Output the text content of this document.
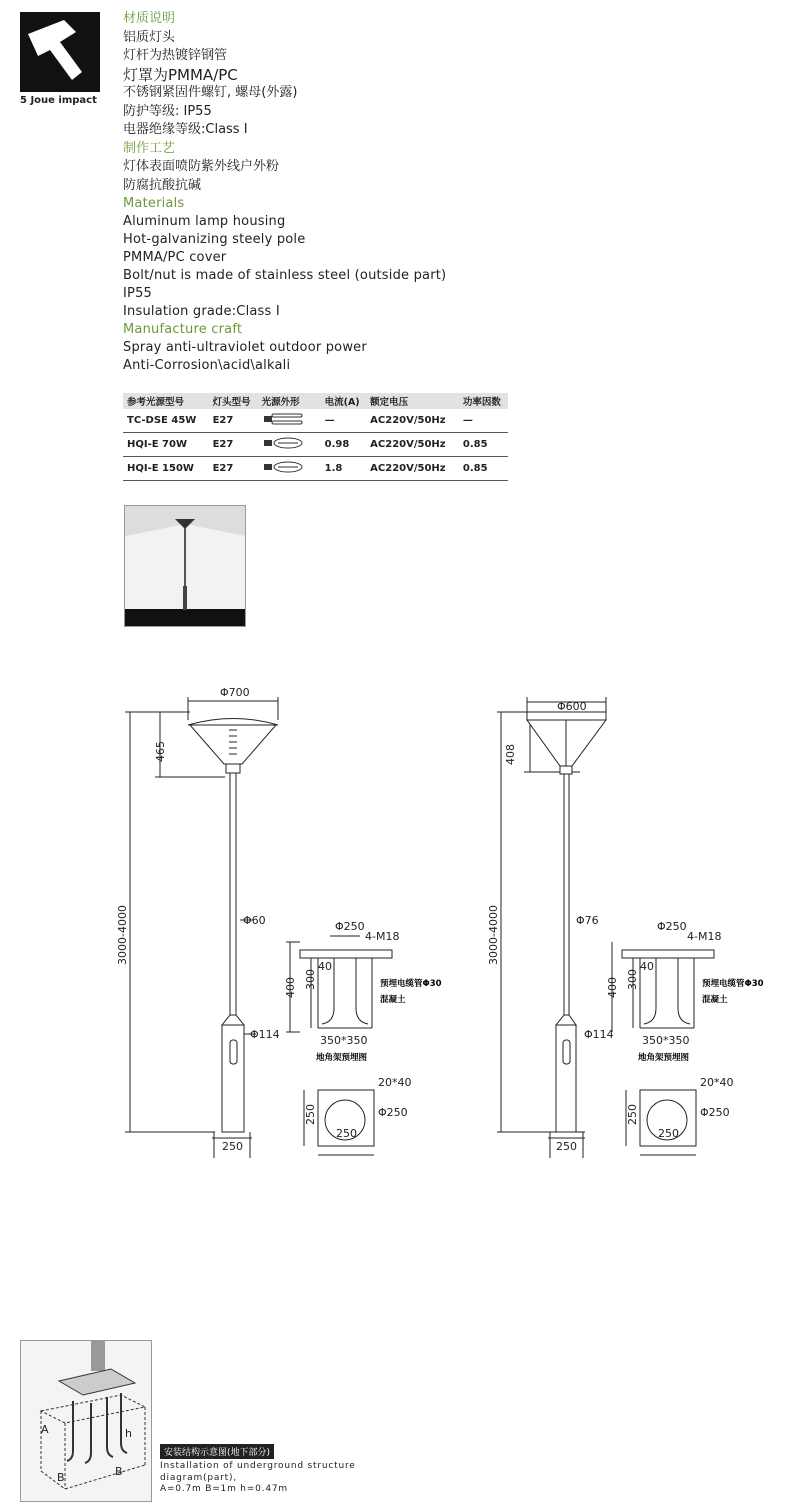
5 Joue impact
材质说明
铝质灯头
灯杆为热镀锌钢管
灯罩为PMMA/PC
不锈钢紧固件螺钉, 螺母(外露)
防护等级: IP55
电器绝缘等级:Class Ⅰ
制作工艺
灯体表面喷防紫外线户外粉
防腐抗酸抗碱
Materials
Aluminum lamp housing
Hot-galvanizing steely pole
PMMA/PC cover
Bolt/nut is made of stainless steel (outside part)
IP55
Insulation grade:Class Ⅰ
Manufacture craft
Spray anti-ultraviolet outdoor power
Anti-Corrosion\acid\alkali
参考光源型号	灯头型号	光源外形	电流(A)	额定电压	功率因数
TC-DSE 45W	E27		—	AC220V/50Hz	—
HQI-E 70W	E27		0.98	AC220V/50Hz	0.85
HQI-E 150W	E27		1.8	AC220V/50Hz	0.85
Φ700
465
3000-4000	Φ60
Φ114
250
Φ600
408
3000-4000	Φ76
Φ114
250
Φ250
4-M18
40
400 300	预埋电缆管Φ30
混凝土
350*350
地角架预埋图
20*40
Φ250
250
250
Φ250
4-M18
40
400 300	预埋电缆管Φ30
混凝土
350*350
地角架预埋图
20*40
Φ250
250
250
A	h
B	B
安装结构示意图(地下部分)
Installation of underground structure
diagram(part),
A=0.7m B=1m h=0.47m
